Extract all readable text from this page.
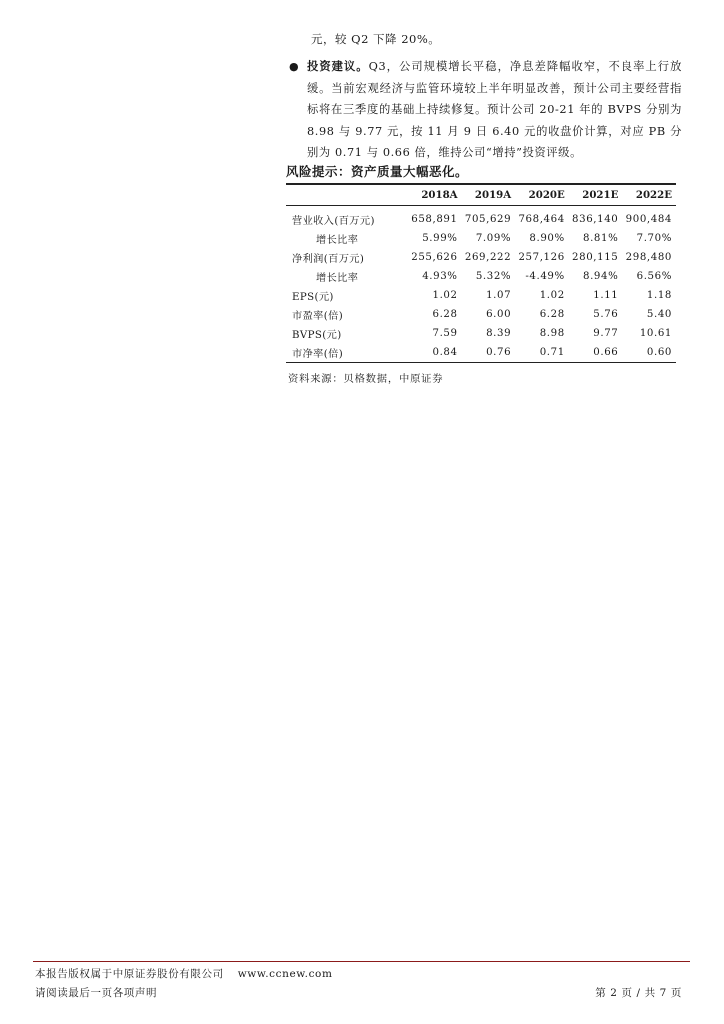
元，较 Q2 下降 20%。
● 投资建议。Q3，公司规模增长平稳，净息差降幅收窄，不良率上行放缓。当前宏观经济与监管环境较上半年明显改善，预计公司主要经营指标将在三季度的基础上持续修复。预计公司 20-21 年的 BVPS 分别为 8.98 与 9.77 元，按 11 月 9 日 6.40 元的收盘价计算，对应 PB 分别为 0.71 与 0.66 倍，维持公司“增持”投资评级。
风险提示：资产质量大幅恶化。
	2018A	2019A	2020E	2021E	2022E
营业收入(百万元)	658,891	705,629	768,464	836,140	900,484
增长比率	5.99%	7.09%	8.90%	8.81%	7.70%
净利润(百万元)	255,626	269,222	257,126	280,115	298,480
增长比率	4.93%	5.32%	-4.49%	8.94%	6.56%
EPS(元)	1.02	1.07	1.02	1.11	1.18
市盈率(倍)	6.28	6.00	6.28	5.76	5.40
BVPS(元)	7.59	8.39	8.98	9.77	10.61
市净率(倍)	0.84	0.76	0.71	0.66	0.60
资料来源：贝格数据，中原证券
本报告版权属于中原证券股份有限公司 www.ccnew.com
请阅读最后一页各项声明	第 2 页 / 共 7 页
